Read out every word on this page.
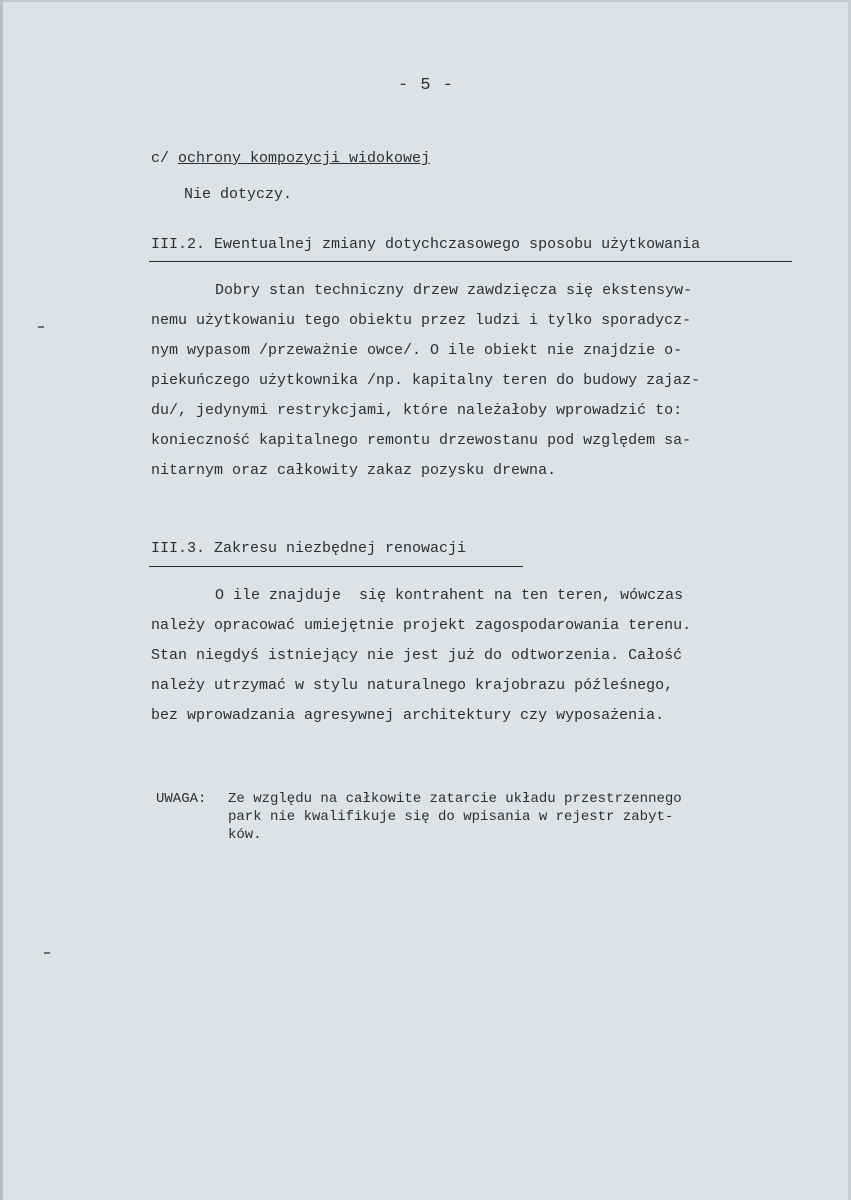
- 5 -
c/ ochrony kompozycji widokowej
Nie dotyczy.
III.2. Ewentualnej zmiany dotychczasowego sposobu użytkowania
Dobry stan techniczny drzew zawdzięcza się ekstensyw-
nemu użytkowaniu tego obiektu przez ludzi i tylko sporadycz-
nym wypasom /przeważnie owce/. O ile obiekt nie znajdzie o-
piekuńczego użytkownika /np. kapitalny teren do budowy zajaz-
du/, jedynymi restrykcjami, które należałoby wprowadzić to:
konieczność kapitalnego remontu drzewostanu pod względem sa-
nitarnym oraz całkowity zakaz pozysku drewna.
III.3. Zakresu niezbędnej renowacji
O ile znajduje  się kontrahent na ten teren, wówczas
należy opracować umiejętnie projekt zagospodarowania terenu.
Stan niegdyś istniejący nie jest już do odtworzenia. Całość
należy utrzymać w stylu naturalnego krajobrazu późleśnego,
bez wprowadzania agresywnej architektury czy wyposażenia.
UWAGA: Ze względu na całkowite zatarcie układu przestrzennego
park nie kwalifikuje się do wpisania w rejestr zabyt-
ków.
